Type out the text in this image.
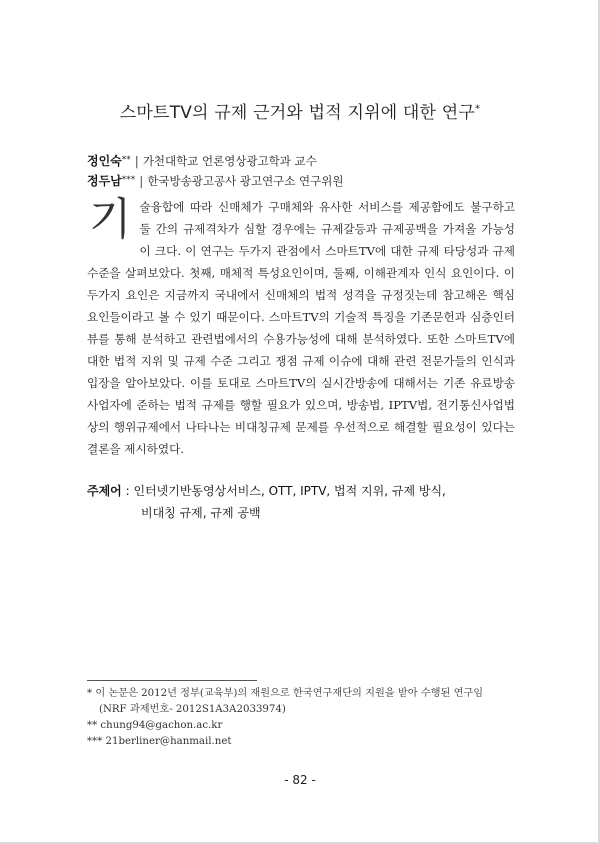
스마트TV의 규제 근거와 법적 지위에 대한 연구*
정인숙** | 가천대학교 언론영상광고학과 교수
정두남*** | 한국방송광고공사 광고연구소 연구위원
기술융합에 따라 신매체가 구매체와 유사한 서비스를 제공함에도 불구하고 둘 간의 규제격차가 심할 경우에는 규제갈등과 규제공백을 가져올 가능성이 크다. 이 연구는 두가지 관점에서 스마트TV에 대한 규제 타당성과 규제 수준을 살펴보았다. 첫째, 매체적 특성요인이며, 둘째, 이해관계자 인식 요인이다. 이 두가지 요인은 지금까지 국내에서 신매체의 법적 성격을 규정짓는데 참고해온 핵심 요인들이라고 볼 수 있기 때문이다. 스마트TV의 기술적 특징을 기존문헌과 심층인터뷰를 통해 분석하고 관련법에서의 수용가능성에 대해 분석하였다. 또한 스마트TV에 대한 법적 지위 및 규제 수준 그리고 쟁점 규제 이슈에 대해 관련 전문가들의 인식과 입장을 알아보았다. 이를 토대로 스마트TV의 실시간방송에 대해서는 기존 유료방송사업자에 준하는 법적 규제를 행할 필요가 있으며, 방송법, IPTV법, 전기통신사업법 상의 행위규제에서 나타나는 비대칭규제 문제를 우선적으로 해결할 필요성이 있다는 결론을 제시하였다.
주제어 : 인터넷기반동영상서비스, OTT, IPTV, 법적 지위, 규제 방식,
비대칭 규제, 규제 공백
* 이 논문은 2012년 정부(교육부)의 재원으로 한국연구재단의 지원을 받아 수행된 연구임
(NRF 과제번호- 2012S1A3A2033974)
** chung94@gachon.ac.kr
*** 21berliner@hanmail.net
- 82 -
